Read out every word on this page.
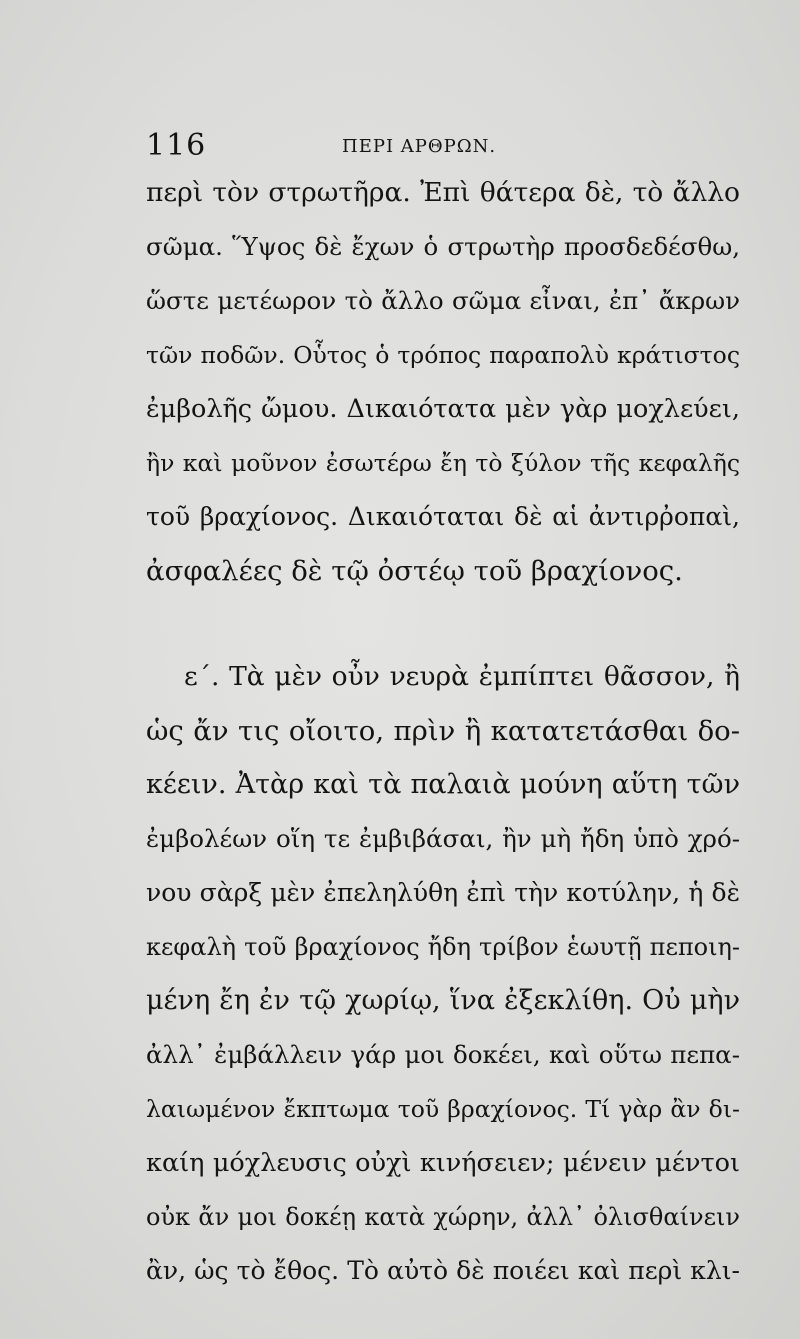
116	ΠΕΡΙ ΑΡΘΡΩΝ.
περὶ τὸν στρωτῆρα. Ἐπὶ θάτερα δὲ, τὸ ἄλλο
σῶμα. Ὕψος δὲ ἔχων ὁ στρωτὴρ προσδεδέσθω,
ὥστε μετέωρον τὸ ἄλλο σῶμα εἶναι, ἐπ᾽ ἄκρων
τῶν ποδῶν. Οὗτος ὁ τρόπος παραπολὺ κράτιστος
ἐμβολῆς ὤμου. Δικαιότατα μὲν γὰρ μοχλεύει,
ἢν καὶ μοῦνον ἐσωτέρω ἔη τὸ ξύλον τῆς κεφαλῆς
τοῦ βραχίονος. Δικαιόταται δὲ αἱ ἀντιρῤοπαὶ,
ἀσφαλέες δὲ τῷ ὀστέῳ τοῦ βραχίονος.
ε΄. Τὰ μὲν οὖν νευρὰ ἐμπίπτει θᾶσσον, ἢ
ὡς ἄν τις οἴοιτο, πρὶν ἢ κατατετάσθαι δο-
κέειν. Ἀτὰρ καὶ τὰ παλαιὰ μούνη αὕτη τῶν
ἐμβολέων οἵη τε ἐμβιβάσαι, ἢν μὴ ἤδη ὑπὸ χρό-
νου σὰρξ μὲν ἐπεληλύθη ἐπὶ τὴν κοτύλην, ἡ δὲ
κεφαλὴ τοῦ βραχίονος ἤδη τρίβον ἑωυτῇ πεποιη-
μένη ἔη ἐν τῷ χωρίῳ, ἵνα ἐξεκλίθη. Οὐ μὴν
ἀλλ᾽ ἐμβάλλειν γάρ μοι δοκέει, καὶ οὕτω πεπα-
λαιωμένον ἔκπτωμα τοῦ βραχίονος. Τί γὰρ ἂν δι-
καίη μόχλευσις οὐχὶ κινήσειεν; μένειν μέντοι
οὐκ ἄν μοι δοκέῃ κατὰ χώρην, ἀλλ᾽ ὀλισθαίνειν
ἂν, ὡς τὸ ἔθος. Τὸ αὐτὸ δὲ ποιέει καὶ περὶ κλι-
